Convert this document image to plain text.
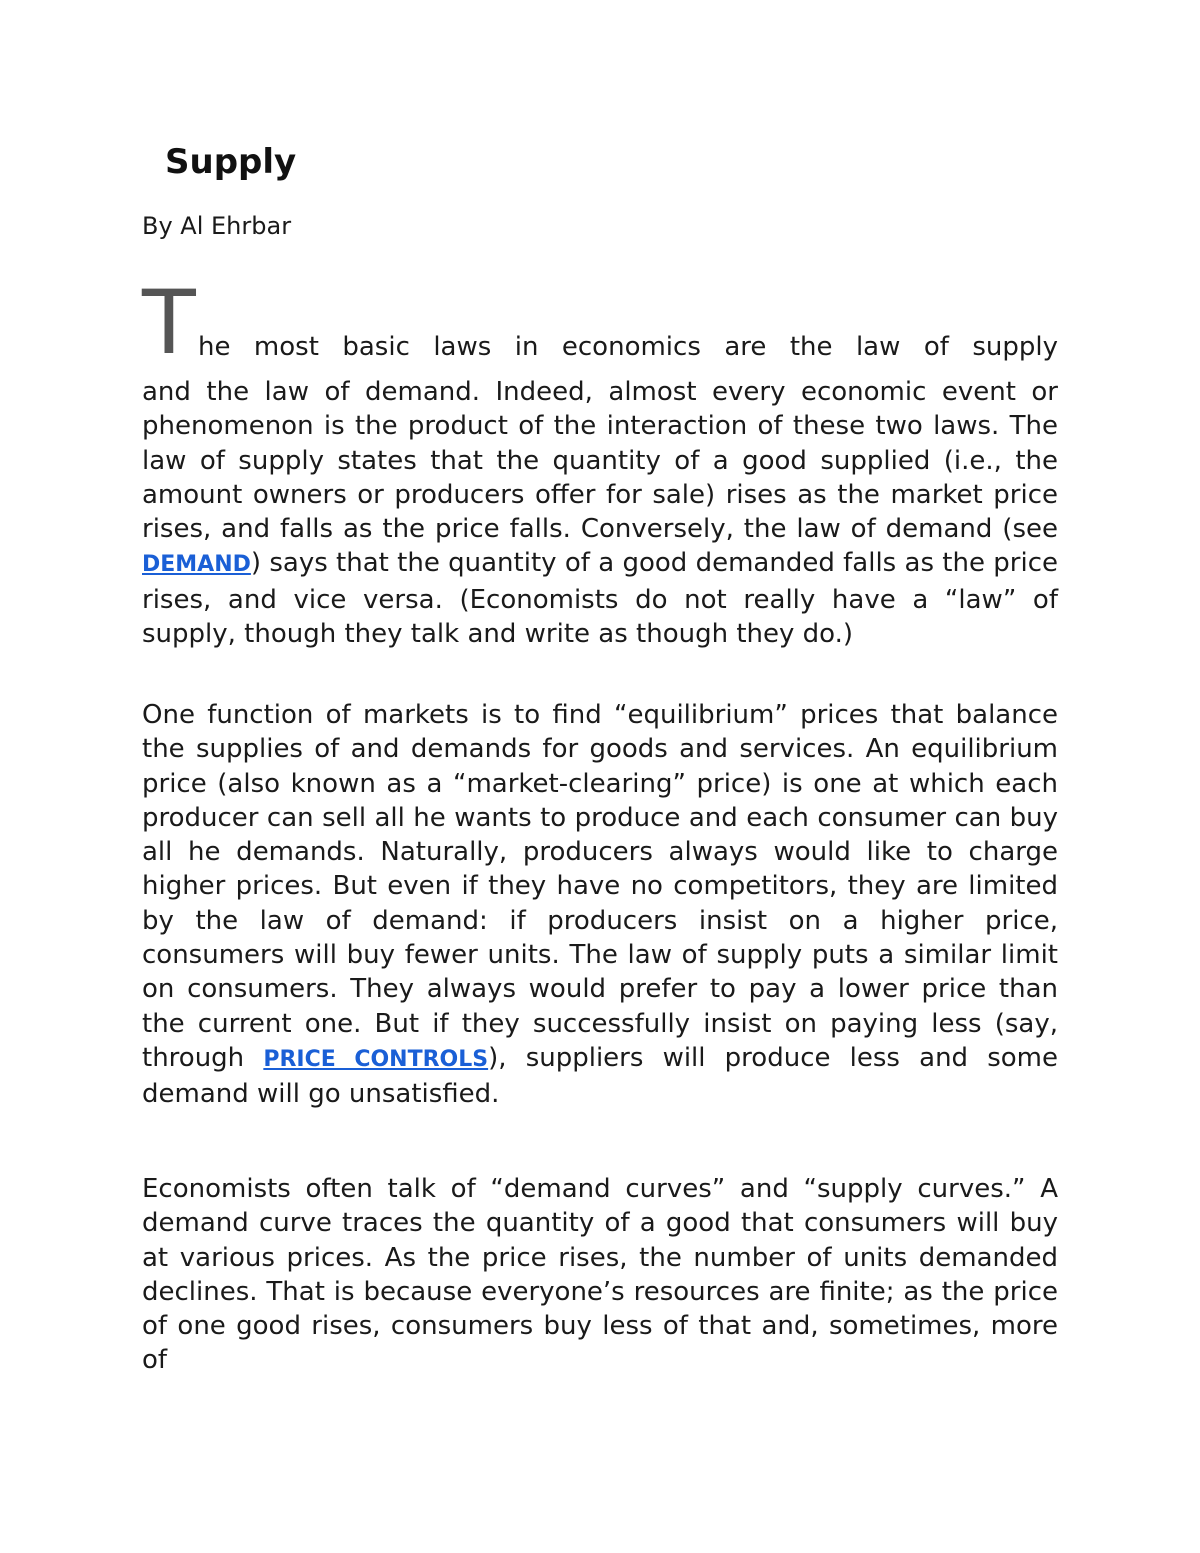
Supply

By Al Ehrbar

T he most basic laws in economics are the law of supply

and the law of demand. Indeed, almost every economic event or phenomenon is the product of the interaction of these two laws. The law of supply states that the quantity of a good supplied (i.e., the amount owners or producers offer for sale) rises as the market price rises, and falls as the price falls. Conversely, the law of demand (see DEMAND) says that the quantity of a good demanded falls as the price rises, and vice versa. (Economists do not really have a “law” of supply, though they talk and write as though they do.)

One function of markets is to find “equilibrium” prices that balance the supplies of and demands for goods and services. An equilibrium price (also known as a “market-clearing” price) is one at which each producer can sell all he wants to produce and each consumer can buy all he demands. Naturally, producers always would like to charge higher prices. But even if they have no competitors, they are limited by the law of demand: if producers insist on a higher price, consumers will buy fewer units. The law of supply puts a similar limit on consumers. They always would prefer to pay a lower price than the current one. But if they successfully insist on paying less (say, through PRICE CONTROLS), suppliers will produce less and some demand will go unsatisfied.

Economists often talk of “demand curves” and “supply curves.” A demand curve traces the quantity of a good that consumers will buy at various prices. As the price rises, the number of units demanded declines. That is because everyone’s resources are finite; as the price of one good rises, consumers buy less of that and, sometimes, more of
